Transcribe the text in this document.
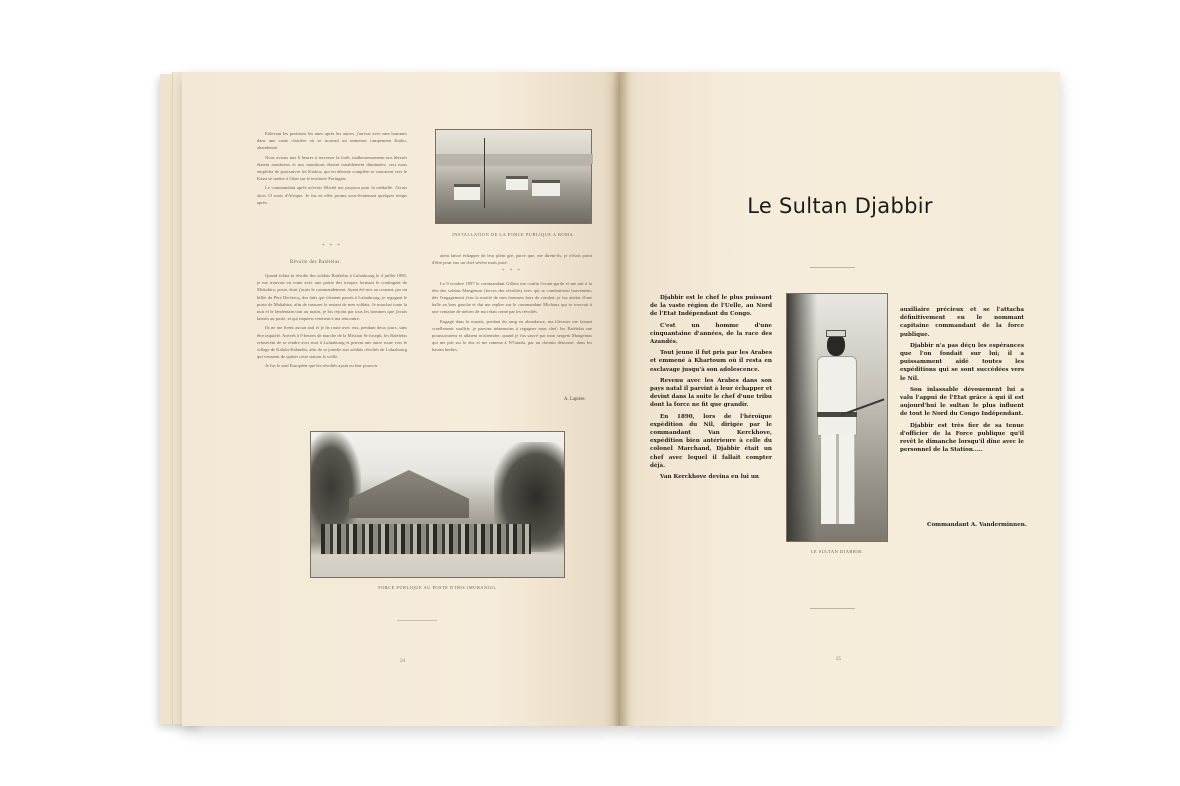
Enlevant les positions les unes après les autres, j'arrivai avec mes hommes dans une vaste clairière où se trouvait un immense campement Kioko, abandonné.

Nous avions mis 6 heures à traverser la forêt, malheureusement nos blessés étaient nombreux et nos munitions étaient notablement diminuées; ceci nous empêcha de poursuivre les Kiokos, qui en déroute complète se sauvaient vers le Kassi se mettre à l'abri sur le territoire Portugais.

Le commandant après m'avoir félicité me proposa pour la médaille. J'avais alors 13 mois d'Afrique. Je fus en effet promu sous-lieutenant quelques temps après.

* * *
Révolte des Batételas.

Quand éclata la révolte des soldats Batételas à Luluabourg le 4 juillet 1895, je me trouvais en route avec une partie des troupes formant le contingent de Mokabira, poste, dont j'avais le commandement. Ayant été mis au courant, par un billet du Père Declercq, des faits qui s'étaient passés à Luluabourg, je regagnai le poste de Mokabira, afin de rassurer le restant de mes soldats. Je marchai toute la nuit et le lendemain tout au matin, je fus rejoint par tous les hommes que j'avais laissés au poste, et qui inquiets venaient à ma rencontre.

Ils ne me firent aucun mal et je fis route avec eux, pendant deux jours, sans être inquiété. Arrivés à 9 heures de marche de la Mission St-Joseph, les Batételas refusèrent de se rendre avec moi à Luluabourg et prirent une autre route vers le village de Kalulu-Kalamba, afin de se joindre aux soldats révoltés de Luluabourg qui venaient de quitter cette station la veille.

Je fus le seul Européen que les révoltés ayant eu leur pouvoir

INSTALLATION DE LA FORCE PUBLIQUE A BOMA.

aient laissé échapper de leur plein gré, parce que, me dirent-ils, je n'étais point d'être pour eux un chef sévère mais juste.

* * *

Le 9 octobre 1897 le commandant Gillain me confia l'avant-garde et me mit à la tête des soldats Mangemas (forces des révoltés) avec qui se combattirent bravement; dès l'engagement j'eus la moitié de mes hommes hors de combat; je fus atteint d'une balle au bras gauche et dut me replier sur le commandant Michaux qui se trouvait à une centaine de mètres de moi était cerné par les révoltés.

Engagé dans le marais, perdant du sang en abondance, ma blessure me faisant cruellement souffrir, je parvins néanmoins à regagner mon chef; les Batételas me poursuivaient et allaient m'atteindre, quand je fus sauvé par mon sergent Mangemas qui me prit sur le dos et me ramena à N'Gandu, par un chemin détourné, dans les hautes herbes.

A. Lapiere.
FORCE PUBLIQUE AU POSTE D'IBIS (MUBANGI).
24
Le Sultan Djabbir

Djabbir est le chef le plus puissant de la vaste région de l'Uelle, au Nord de l'Etat Indépendant du Congo.

C'est un homme d'une cinquantaine d'années, de la race des Azandés.

Tout jeune il fut pris par les Arabes et emmené à Khartoum où il resta en esclavage jusqu'à son adolescence.

Revenu avec les Arabes dans son pays natal il parvint à leur échapper et devint dans la suite le chef d'une tribu dont la force ne fit que grandir.

En 1890, lors de l'héroïque expédition du Nil, dirigée par le commandant Van Kerckhove, expédition bien antérieure à celle du colonel Marchand, Djabbir était un chef avec lequel il fallait compter déjà.

Van Kerckhove devina en lui un

LE SULTAN DJABBIR.

auxiliaire précieux et se l'attacha définitivement en le nommant capitaine commandant de la force publique.

Djabbir n'a pas déçu les espérances que l'on fondait sur lui; il a puissamment aidé toutes les expéditions qui se sont succédées vers le Nil.

Son inlassable dévouement lui a valu l'appui de l'Etat grâce à qui il est aujourd'hui le sultan le plus influent de tout le Nord du Congo Indépendant.

Djabbir est très fier de sa tenue d'officier de la Force publique qu'il revêt le dimanche lorsqu'il dîne avec le personnel de la Station.....

Commandant A. Vanderminnen.
25
